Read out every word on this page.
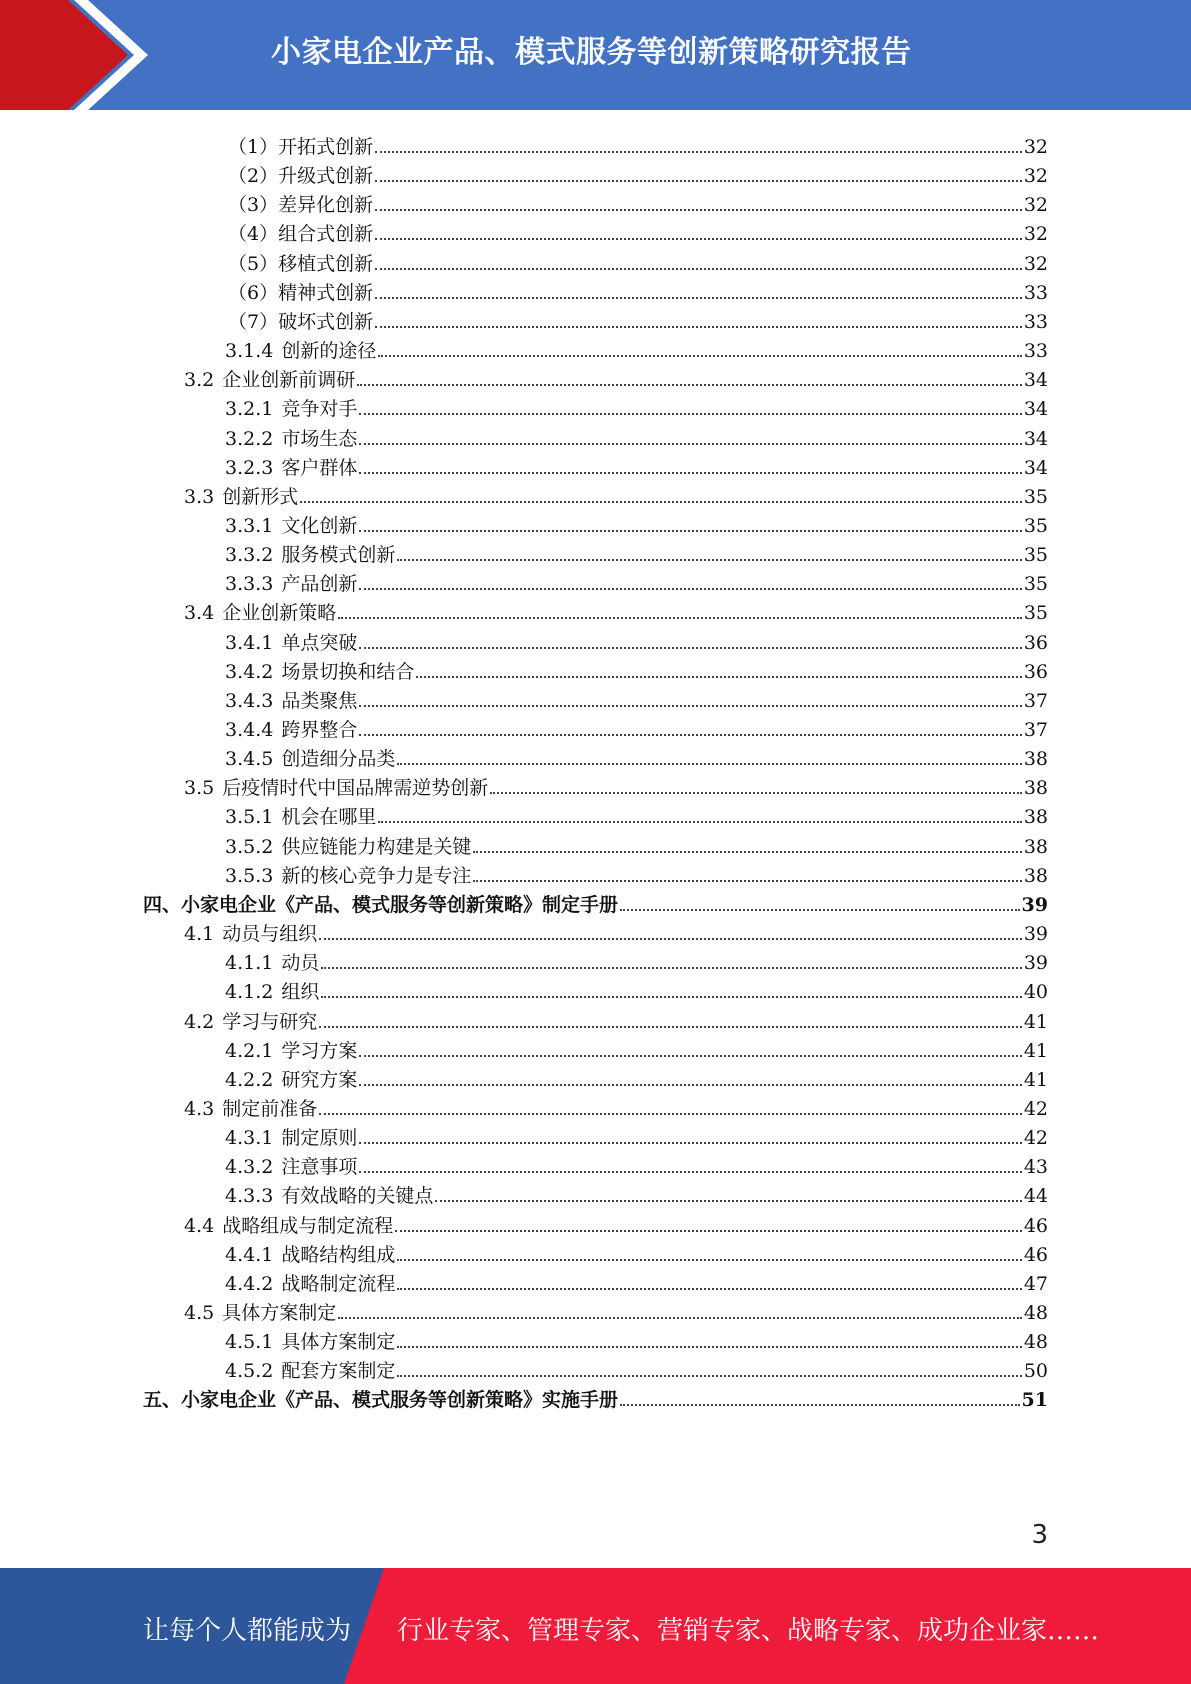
小家电企业产品、模式服务等创新策略研究报告
（1） 开拓式创新	32
（2） 升级式创新	32
（3） 差异化创新	32
（4） 组合式创新	32
（5） 移植式创新	32
（6） 精神式创新	33
（7） 破坏式创新	33
3.1.4 创新的途径	33
3.2 企业创新前调研	34
3.2.1 竞争对手	34
3.2.2 市场生态	34
3.2.3 客户群体	34
3.3 创新形式	35
3.3.1 文化创新	35
3.3.2 服务模式创新	35
3.3.3 产品创新	35
3.4 企业创新策略	35
3.4.1 单点突破	36
3.4.2 场景切换和结合	36
3.4.3 品类聚焦	37
3.4.4 跨界整合	37
3.4.5 创造细分品类	38
3.5 后疫情时代中国品牌需逆势创新	38
3.5.1 机会在哪里	38
3.5.2 供应链能力构建是关键	38
3.5.3 新的核心竞争力是专注	38
四、 小家电企业《产品、模式服务等创新策略》制定手册	39
4.1 动员与组织	39
4.1.1 动员	39
4.1.2 组织	40
4.2 学习与研究	41
4.2.1 学习方案	41
4.2.2 研究方案	41
4.3 制定前准备	42
4.3.1 制定原则	42
4.3.2 注意事项	43
4.3.3 有效战略的关键点	44
4.4 战略组成与制定流程	46
4.4.1 战略结构组成	46
4.4.2 战略制定流程	47
4.5 具体方案制定	48
4.5.1 具体方案制定	48
4.5.2 配套方案制定	50
五、 小家电企业《产品、模式服务等创新策略》实施手册	51
3
让每个人都能成为 行业专家、管理专家、营销专家、战略专家、成功企业家……
